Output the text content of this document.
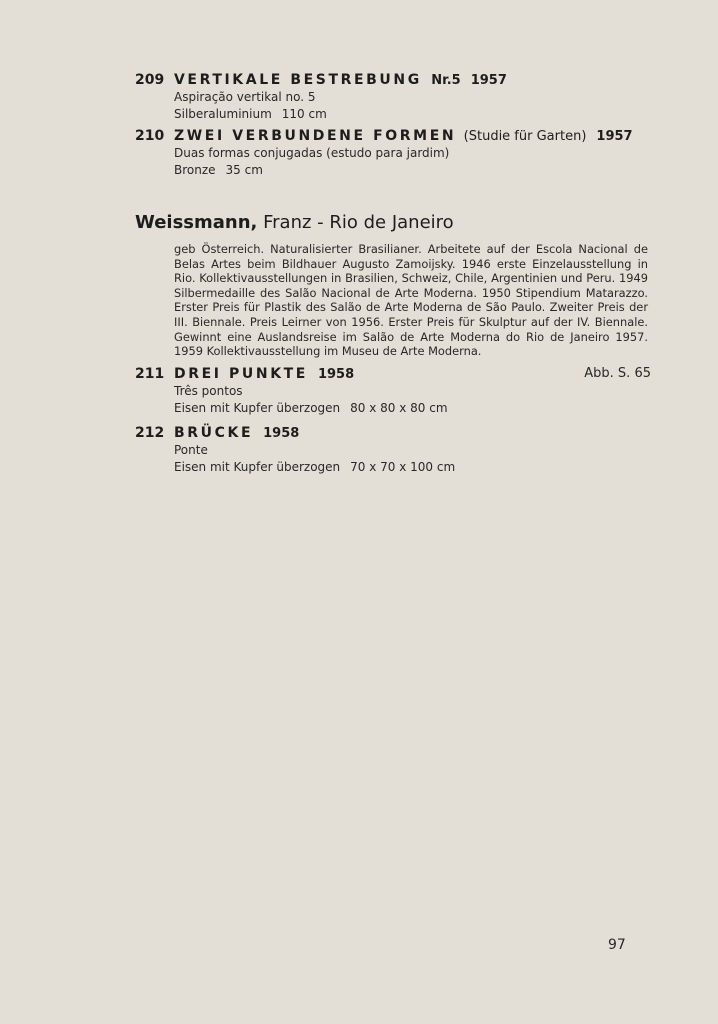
209 VERTIKALE BESTREBUNG Nr.5 1957
Aspiração vertikal no. 5
Silberaluminium 110 cm
210 ZWEI VERBUNDENE FORMEN (Studie für Garten) 1957
Duas formas conjugadas (estudo para jardim)
Bronze 35 cm
Weissmann, Franz - Rio de Janeiro
geb Österreich. Naturalisierter Brasilianer. Arbeitete auf der Escola Nacional de Belas Artes beim Bildhauer Augusto Zamoijsky. 1946 erste Einzelausstellung in Rio. Kollektivausstellungen in Brasilien, Schweiz, Chile, Argentinien und Peru. 1949 Silbermedaille des Salão Nacional de Arte Moderna. 1950 Stipendium Matarazzo. Erster Preis für Plastik des Salão de Arte Moderna de São Paulo. Zweiter Preis der III. Biennale. Preis Leirner von 1956. Erster Preis für Skulptur auf der IV. Biennale. Gewinnt eine Auslandsreise im Salão de Arte Moderna do Rio de Janeiro 1957. 1959 Kollektivausstellung im Museu de Arte Moderna.
211 DREI PUNKTE 1958
Três pontos
Eisen mit Kupfer überzogen 80 x 80 x 80 cm
Abb. S. 65
212 BRÜCKE 1958
Ponte
Eisen mit Kupfer überzogen 70 x 70 x 100 cm
97
